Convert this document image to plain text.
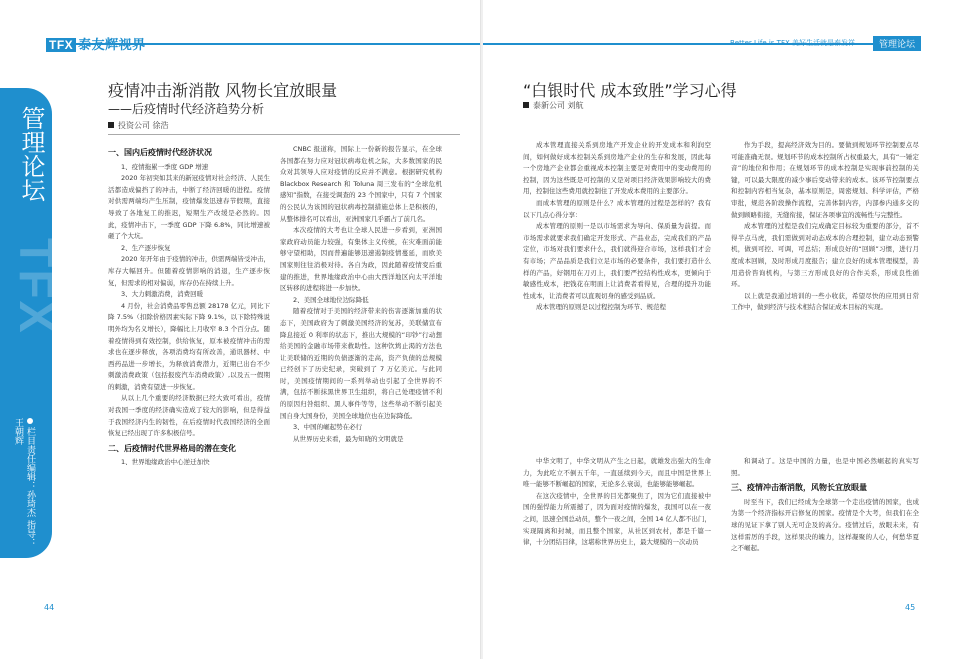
TFX 泰友辉视界
管理论坛
TFX
栏目责任编辑：孙琦杰 指导：王朝辉
疫情冲击渐消散 风物长宜放眼量
——后疫情时代经济趋势分析
投资公司 徐浩

一、国内后疫情时代经济状况

1、疫情拖累一季度 GDP 增速

2020 年初突如其来的新冠疫情对社会经济、人民生活都造成偏挡了的冲击，中断了经济回暖的进程。疫情对供需两端均产生压制，疫情爆发迅速春节假期，直接导致了各地复工的推迟，短期生产改缓是必然的。因此，疫情冲击下，一季度 GDP 下降 6.8%，同比增速被砸了个大坑。

2、生产逐步恢复

2020 年开年由于疫情的冲击，供需两端皆受冲击，库存大幅回升。但随着疫情影响的消退，生产逐步恢复，但需求的相对偏弱，库存仍在持续上升。

3、大力刺激消费，消费回暖

4 月份，社会消费品零售总额 28178 亿元，同比下降 7.5%（扣除价格因素实际下降 9.1%，以下除特殊说明外均为名义增长），降幅比上月收窄 8.3 个百分点。随着疫情得到有效控制，供给恢复，原本被疫情冲击的需求也在逐步释放，各项消费均有所改善，通讯器材、中西药品进一步增长，为释放消费潜力，近期已出台不少刺激消费政策（包括报废汽车消费政策）,以及五一假期的刺激，消费有望进一步恢复。

从以上几个重要的经济数据已经大致可看出，疫情对我国一季度的经济确实造成了较大的影响，但是得益于我国经济内生的韧性，在后疫情时代我国经济的全面恢复已经出现了许多积极信号。

二、后疫情时代世界格局的潜在变化

1、世界地缘政治中心逆迁加快

CNBC 报道称，国际上一份新的报告显示，在全球各国都在努力应对冠状病毒危机之际，大多数国家的民众对其领导人应对疫情的反应并不满意。根据研究机构 Blackbox Research 和 Toluna 周三发布的“全球危机感知”指数，在接受调查的 23 个国家中，只有 7 个国家的公民认为该国的冠状病毒控制措施总体上是积极的，从整体排名可以看出，亚洲国家几乎霸占了前几名。

本次疫情的大考也让全球人民进一步看到，亚洲国家政府动员能力较强，有集体主义传统，在灾难面前能够守望相助，因而普遍能够迅速遏制疫情蔓延，而欧美国家则往往消极对待。各自为政，因此随着疫情变后重建的推进，世界地缘政治中心由大西洋地区向太平洋地区转移的进程将进一步加快。

2、美国全球地位边际降低

随着疫情对于美国的经济带来的伤害逐渐加重的状态下，美国政府为了刺激美国经济的复苏，美联储宣布降息接近 0 利率的状态下，推出大规模的“印钞”行动想给美国的金融市场带来救助性。这种饮鸩止渴的方法也让美联储的近期的负债逐渐的走高，资产负债的总规模已经创下了历史纪录，突破到了 7 万亿美元。与此同时，美国疫情期间的一系列举动也引起了全世界的不满，包括不断抹黑世界卫生组织，将自己处理疫情不利的原因归咎组织、黑人事件等等，这些举动不断引起美国自身大国身份，美国全球地位也在边际降低。

3、中国的崛起势在必行

从世界历史来看，最为知晓的文明就是

44
Better Life is TFX 美好生活就是泰发祥	管理论坛
“白银时代 成本致胜”学习心得
泰新公司 刘航

成本管理直接关系到房地产开发企业的开发成本和利润空间，如何做好成本控制关系到房地产企业的生存和发展，因此每一个房地产企业都会重视成本控制主要是对费用中的变动费用的控制，因为这些既是可控制的又是对项目经济效果影响较大的费用，控制住这些费用就控制住了开发成本费用的主要部分。

而成本管理的原则是什么？成本管理的过程是怎样的？我有以下几点心得分享：

成本管理的原则一是以市场需求为导向、保质量为前提。而市场需求就要求我们确定开发形式、产品业态，完成我们的产品定位，市场对我们要求什么，我们就得迎合市场，这样我们才会有市场；产品品质是我们立足市场的必要条件，我们要打造什么样的产品，好钢用在刀刃上，我们要严控结构性成本，更倾向于敏感性成本，把钱花在明面上让消费者看得见，合理的提升功能性成本，让消费者可以直观切身的感受到品质。

成本管理的原则是以过程控制为环节、规范程

作为手段，提高经济效为目的。要做到规划环节控制要点尽可能准确无误。规划环节的成本控制所占权重最大，具有“一锤定音”的地位和作用；在规划环节的成本控制是实现事前控制的关键，可以最大限度的减少事后变动带来的成本。该环节控制要点和控制内容相当复杂，基本原则是，周密规划、科学评估，严格审批，规范各阶段操作流程，完善体制内容，内部参内通多交的做到顾略衔接，无缝衔接，保证各项事宜的流畅性与完整性。

成本管理的过程是我们完成确定目标较为重要的部分，首不得半点马虎，我们需做到对动态成本的合理控制，建立动态预警机，做到可控、可调，可总结；形成良好的“回顾”习惯，进行月度成本回顾，及时形成月度报告；建立良好的成本管理模型，善用造价咨询机构，与第三方形成良好的合作关系，形成良性循环。

以上就是我通过培训的一些小收获，希望尽快的应用到日常工作中，做到经济与技术相结合保证成本目标的实现。

中华文明了，中华文明从产生之日起，就雄发出强大的生命力，为此吃立不倒五千年，一直延续到今天，而且中国是世界上唯一能够不断崛起的国家，无论多么衰弱，也能够能够崛起。

在这次疫情中，全世界的目光都聚焦了，因为它们直接被中国的强悍能力所震撼了，因为面对疫情的爆发，我国可以在一夜之间，迅速全国总动员，整个一夜之间，全国 14 亿人都不出门，实现隔离和封城，而且整个国家，从社区到农村，都是千篇一律，十分团结目律，这堪称世界历史上，最大规模的一次动员

和调动了。这是中国的力量，也是中国必然崛起的真实写照。

三、疫情冲击渐消散，风物长宜放眼量

时至当下，我们已经成为全球第一个走出疫情的国家，也成为第一个经济指标开启修复的国家。疫情是个大考，但我们在全球的见证下拿了别人无可企及的高分。疫情过后，放眼未来，有这样雷厉的手段，这样果决的魄力，这样凝聚的人心，何愁华夏之不崛起。

45
